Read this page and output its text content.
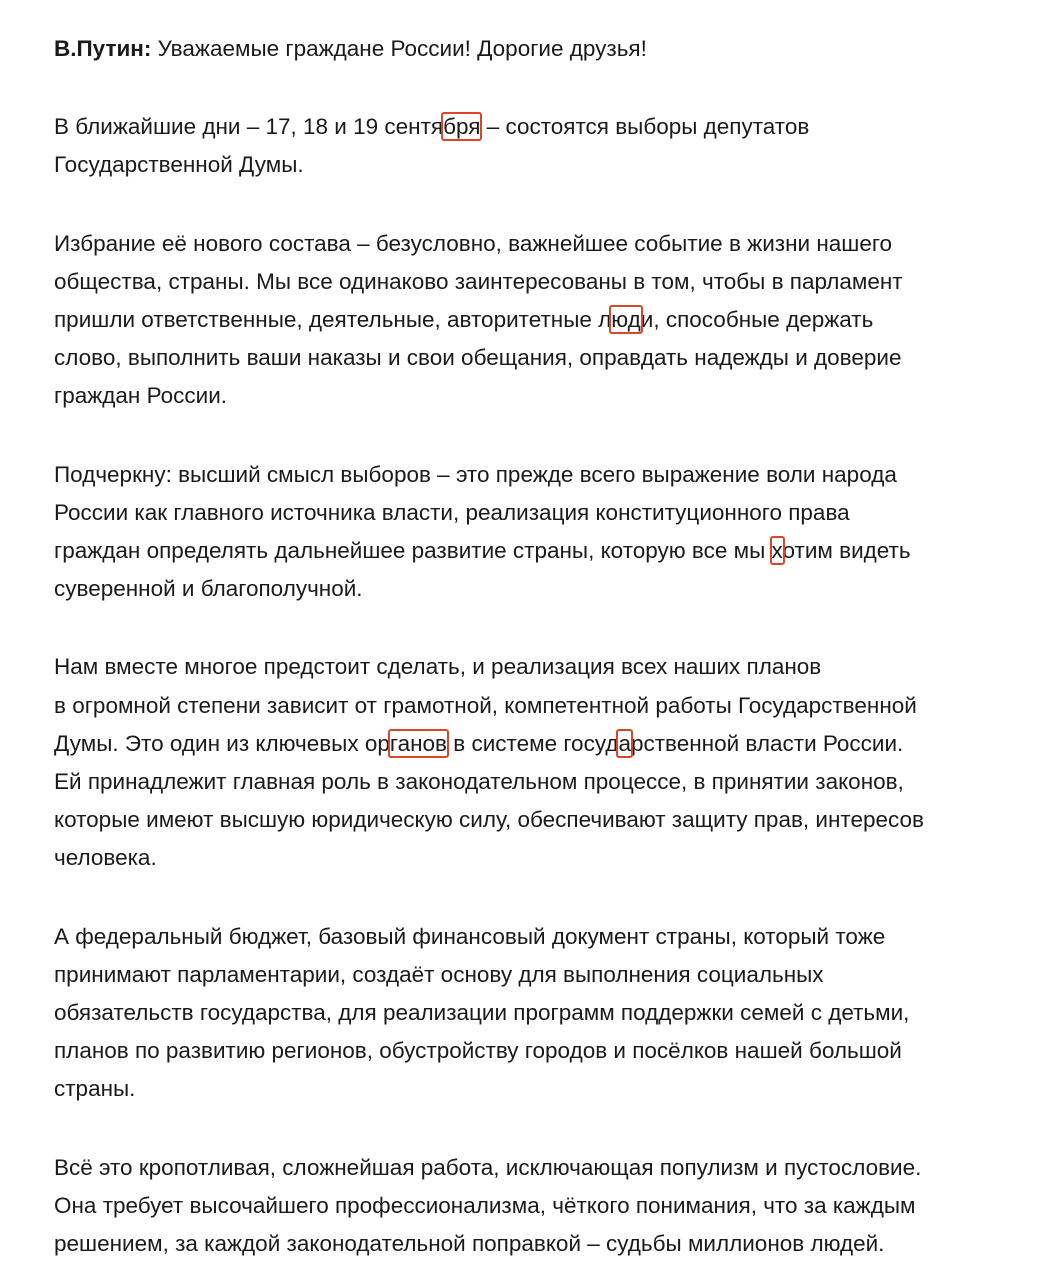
В.Путин: Уважаемые граждане России! Дорогие друзья!

В ближайшие дни – 17, 18 и 19 сентября – состоятся выборы депутатов
Государственной Думы.

Избрание её нового состава – безусловно, важнейшее событие в жизни нашего
общества, страны. Мы все одинаково заинтересованы в том, чтобы в парламент
пришли ответственные, деятельные, авторитетные люди, способные держать
слово, выполнить ваши наказы и свои обещания, оправдать надежды и доверие
граждан России.

Подчеркну: высший смысл выборов – это прежде всего выражение воли народа
России как главного источника власти, реализация конституционного права
граждан определять дальнейшее развитие страны, которую все мы хотим видеть
суверенной и благополучной.

Нам вместе многое предстоит сделать, и реализация всех наших планов
в огромной степени зависит от грамотной, компетентной работы Государственной
Думы. Это один из ключевых органов в системе государственной власти России.
Ей принадлежит главная роль в законодательном процессе, в принятии законов,
которые имеют высшую юридическую силу, обеспечивают защиту прав, интересов
человека.

А федеральный бюджет, базовый финансовый документ страны, который тоже
принимают парламентарии, создаёт основу для выполнения социальных
обязательств государства, для реализации программ поддержки семей с детьми,
планов по развитию регионов, обустройству городов и посёлков нашей большой
страны.

Всё это кропотливая, сложнейшая работа, исключающая популизм и пустословие.
Она требует высочайшего профессионализма, чёткого понимания, что за каждым
решением, за каждой законодательной поправкой – судьбы миллионов людей.
